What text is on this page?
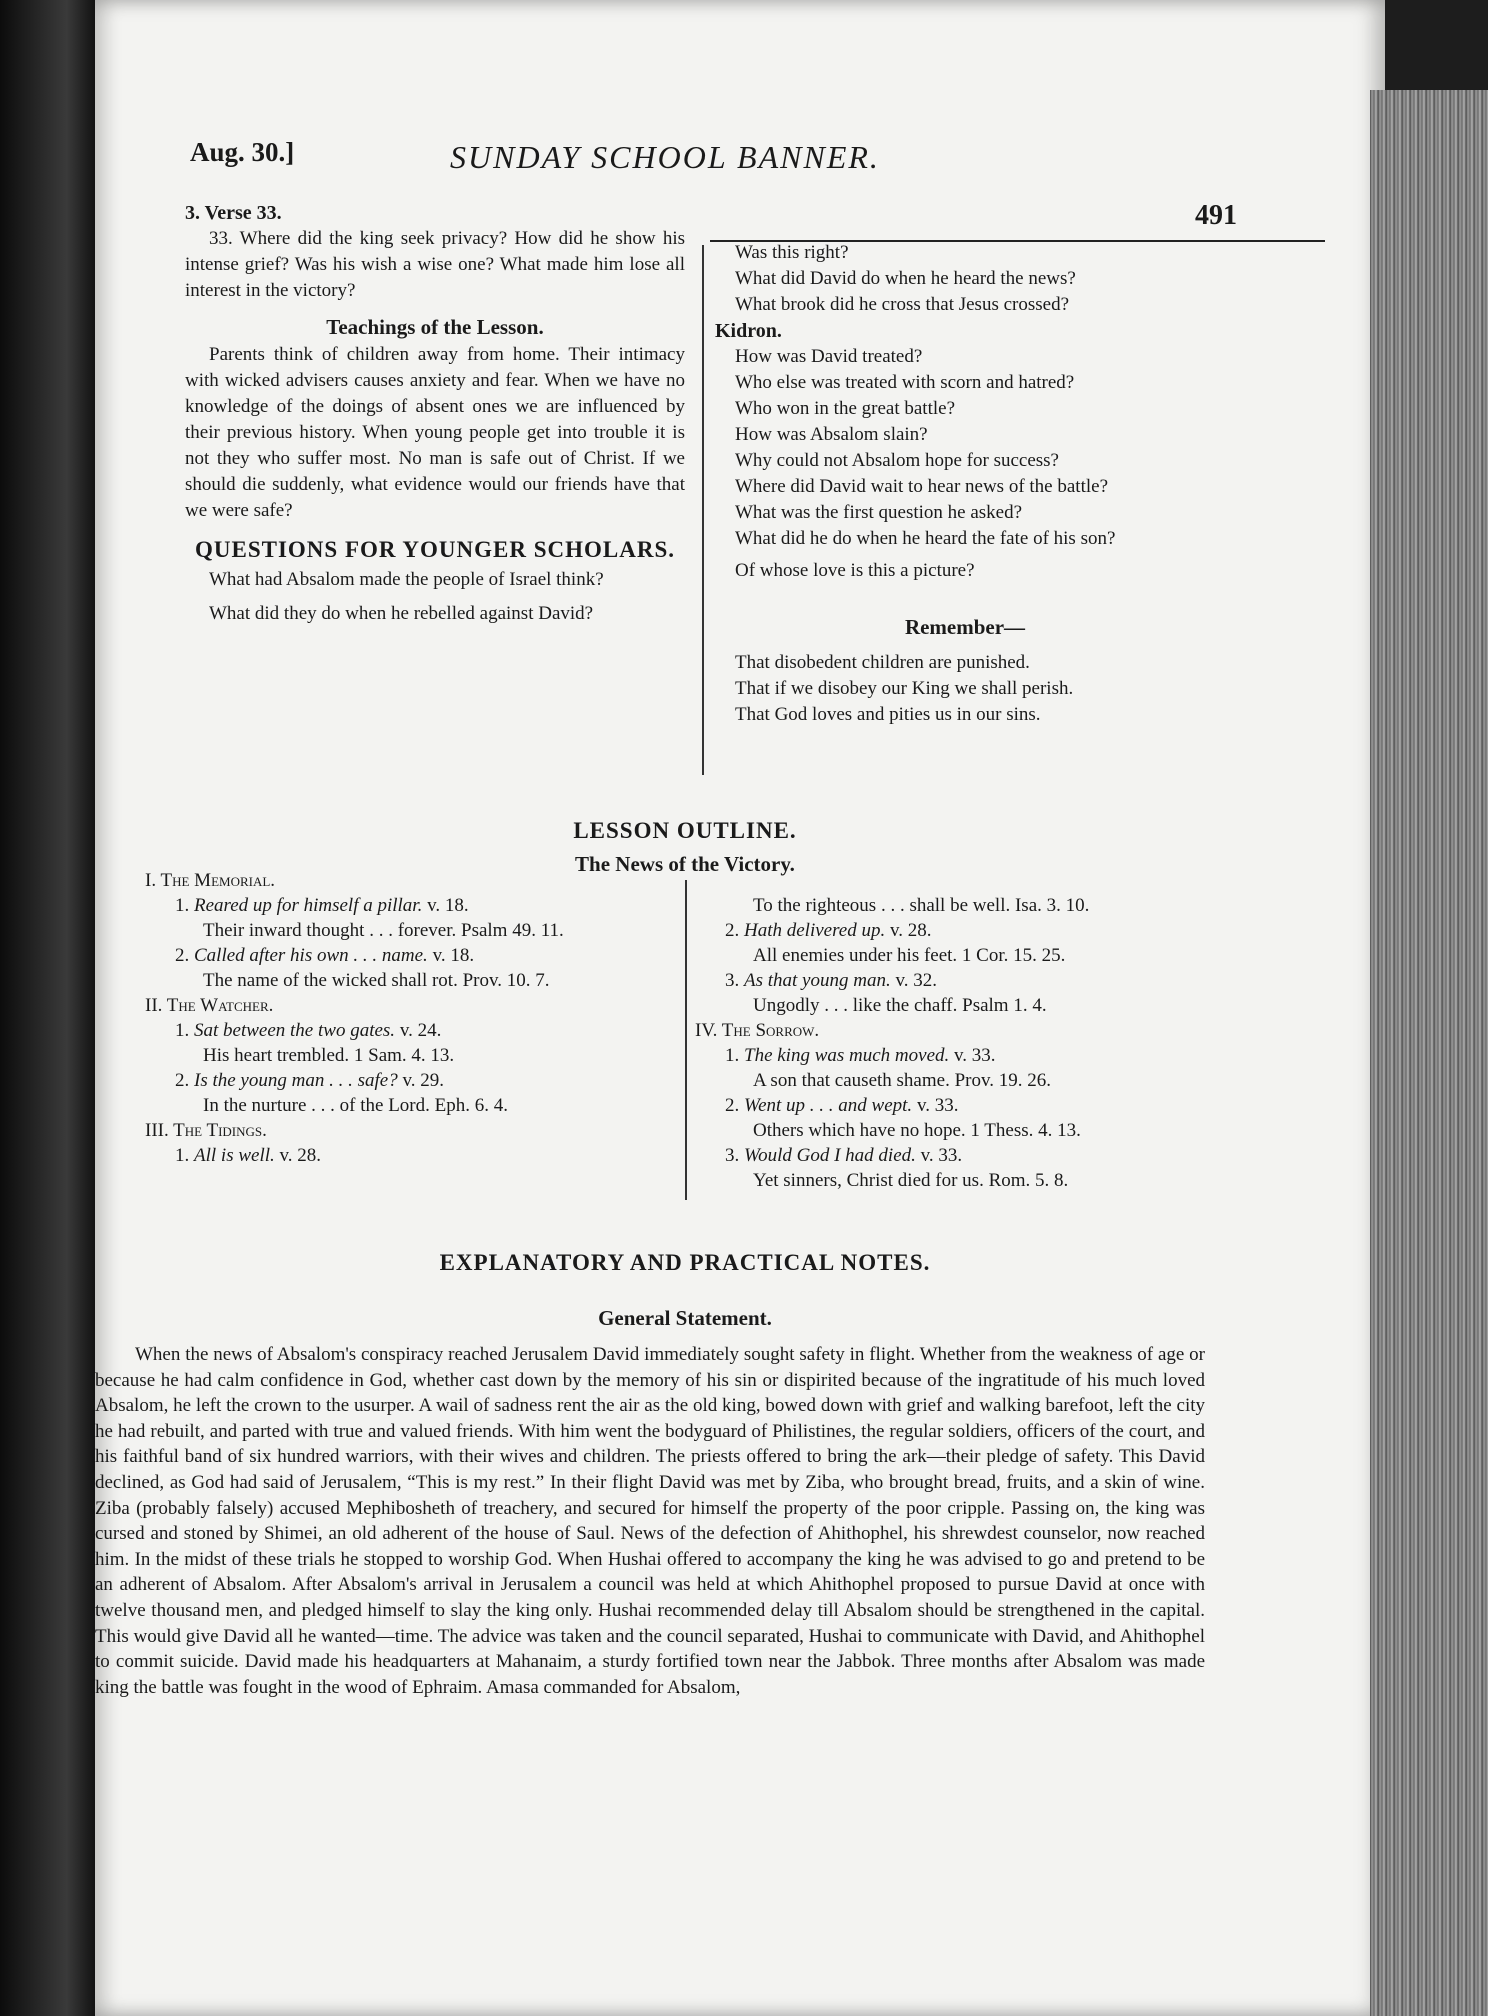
Aug. 30.]	SUNDAY SCHOOL BANNER.
491
3. Verse 33.

33. Where did the king seek privacy? How did he show his intense grief? Was his wish a wise one? What made him lose all interest in the victory?

Teachings of the Lesson.

Parents think of children away from home. Their intimacy with wicked advisers causes anxiety and fear. When we have no knowledge of the doings of absent ones we are influenced by their previous history. When young people get into trouble it is not they who suffer most. No man is safe out of Christ. If we should die suddenly, what evidence would our friends have that we were safe?

QUESTIONS FOR YOUNGER SCHOLARS.

What had Absalom made the people of Israel think?

What did they do when he rebelled against David?

Was this right?

What did David do when he heard the news?

What brook did he cross that Jesus crossed?

Kidron.

How was David treated?

Who else was treated with scorn and hatred?

Who won in the great battle?

How was Absalom slain?

Why could not Absalom hope for success?

Where did David wait to hear news of the battle?

What was the first question he asked?

What did he do when he heard the fate of his son?

Of whose love is this a picture?

Remember—

That disobedent children are punished.

That if we disobey our King we shall perish.

That God loves and pities us in our sins.

LESSON OUTLINE.
The News of the Victory.
I. The Memorial.
1. Reared up for himself a pillar. v. 18.
Their inward thought . . . forever. Psalm 49. 11.
2. Called after his own . . . name. v. 18.
The name of the wicked shall rot. Prov. 10. 7.
II. The Watcher.
1. Sat between the two gates. v. 24.
His heart trembled. 1 Sam. 4. 13.
2. Is the young man . . . safe? v. 29.
In the nurture . . . of the Lord. Eph. 6. 4.
III. The Tidings.
1. All is well. v. 28.
To the righteous . . . shall be well. Isa. 3. 10.
2. Hath delivered up. v. 28.
All enemies under his feet. 1 Cor. 15. 25.
3. As that young man. v. 32.
Ungodly . . . like the chaff. Psalm 1. 4.
IV. The Sorrow.
1. The king was much moved. v. 33.
A son that causeth shame. Prov. 19. 26.
2. Went up . . . and wept. v. 33.
Others which have no hope. 1 Thess. 4. 13.
3. Would God I had died. v. 33.
Yet sinners, Christ died for us. Rom. 5. 8.
EXPLANATORY AND PRACTICAL NOTES.
General Statement.

When the news of Absalom's conspiracy reached Jerusalem David immediately sought safety in flight. Whether from the weakness of age or because he had calm confidence in God, whether cast down by the memory of his sin or dispirited because of the ingratitude of his much loved Absalom, he left the crown to the usurper. A wail of sadness rent the air as the old king, bowed down with grief and walking barefoot, left the city he had rebuilt, and parted with true and valued friends. With him went the bodyguard of Philistines, the regular soldiers, officers of the court, and his faithful band of six hundred warriors, with their wives and children. The priests offered to bring the ark—their pledge of safety. This David declined, as God had said of Jerusalem, “This is my rest.” In their flight David was met by Ziba, who brought bread, fruits, and a skin of wine. Ziba (probably falsely) accused Mephibosheth of treachery, and secured for himself the property of the poor cripple. Passing on, the king was cursed and stoned by Shimei, an old adherent of the house of Saul. News of the defection of Ahithophel, his shrewdest counselor, now reached him. In the midst of these trials he stopped to worship God. When Hushai offered to accompany the king he was advised to go and pretend to be an adherent of Absalom. After Absalom's arrival in Jerusalem a council was held at which Ahithophel proposed to pursue David at once with twelve thousand men, and pledged himself to slay the king only. Hushai recommended delay till Absalom should be strengthened in the capital. This would give David all he wanted—time. The advice was taken and the council separated, Hushai to communicate with David, and Ahithophel to commit suicide. David made his headquarters at Mahanaim, a sturdy fortified town near the Jabbok. Three months after Absalom was made king the battle was fought in the wood of Ephraim. Amasa commanded for Absalom,
